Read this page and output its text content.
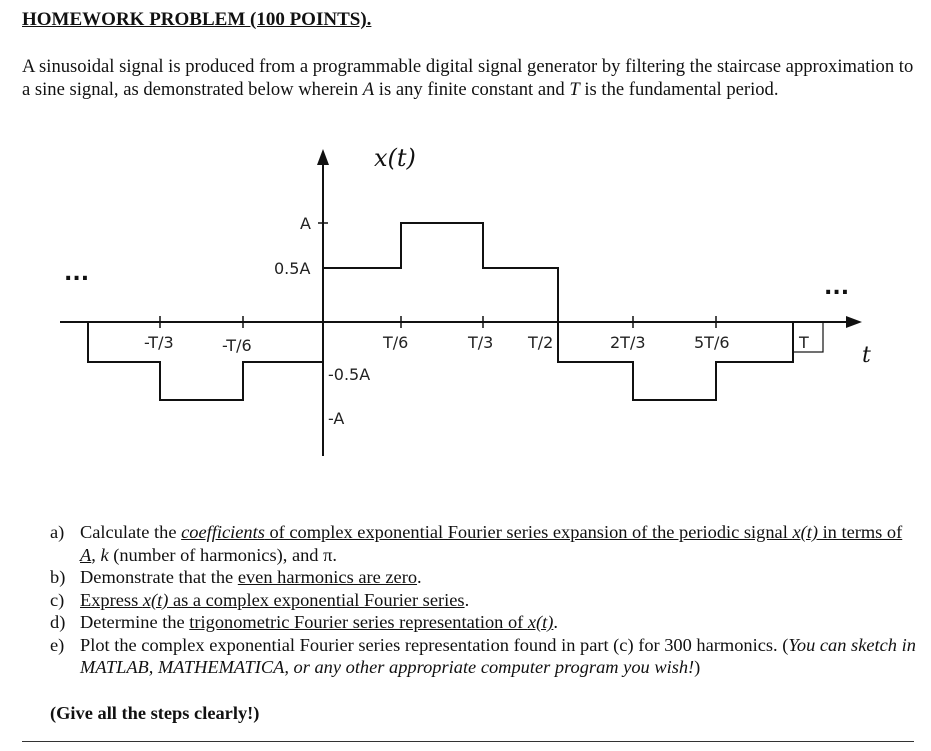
HOMEWORK PROBLEM (100 POINTS).
A sinusoidal signal is produced from a programmable digital signal generator by filtering the staircase approximation to a sine signal, as demonstrated below wherein A is any finite constant and T is the fundamental period.
x(t)
A
0.5A
-0.5A
-A
-T/3	-T/6	T/6	T/3 T/2	2T/3	5T/6	T
t
...
...
a) Calculate the coefficients of complex exponential Fourier series expansion of the periodic signal x(t) in terms of A, k (number of harmonics), and π.
b) Demonstrate that the even harmonics are zero.
c) Express x(t) as a complex exponential Fourier series.
d) Determine the trigonometric Fourier series representation of x(t).
e) Plot the complex exponential Fourier series representation found in part (c) for 300 harmonics. (You can sketch in MATLAB, MATHEMATICA, or any other appropriate computer program you wish!)
(Give all the steps clearly!)
